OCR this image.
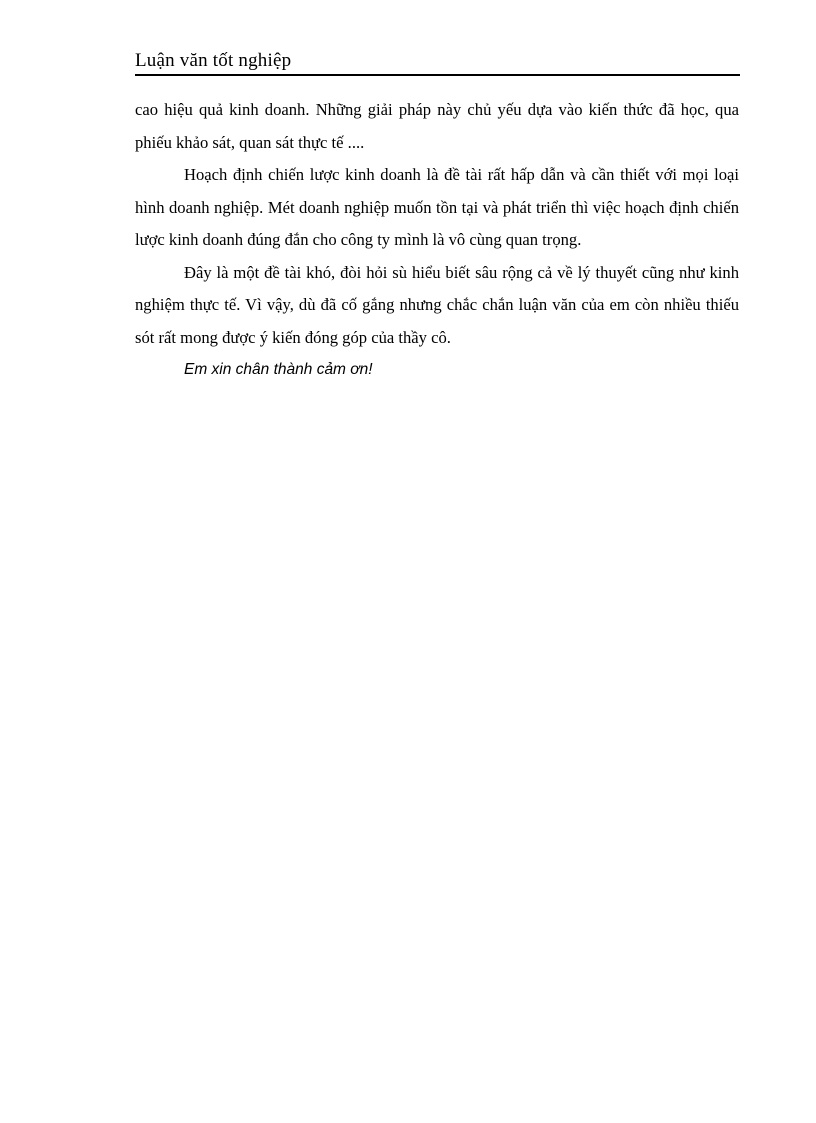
Luận văn tốt nghiệp

cao hiệu quả kinh doanh. Những giải pháp này chủ yếu dựa vào kiến thức đã học, qua phiếu khảo sát, quan sát thực tế ....

Hoạch định chiến lược kinh doanh là đề tài rất hấp dẫn và cần thiết với mọi loại hình doanh nghiệp. Mét doanh nghiệp muốn tồn tại và phát triển thì việc hoạch định chiến lược kinh doanh đúng đắn cho công ty mình là vô cùng quan trọng.

Đây là một đề tài khó, đòi hỏi sù hiểu biết sâu rộng cả về lý thuyết cũng như kinh nghiệm thực tế. Vì vậy, dù đã cố gắng nhưng chắc chắn luận văn của em còn nhiều thiếu sót rất mong được ý kiến đóng góp của thầy cô.

Em xin chân thành cảm ơn!
